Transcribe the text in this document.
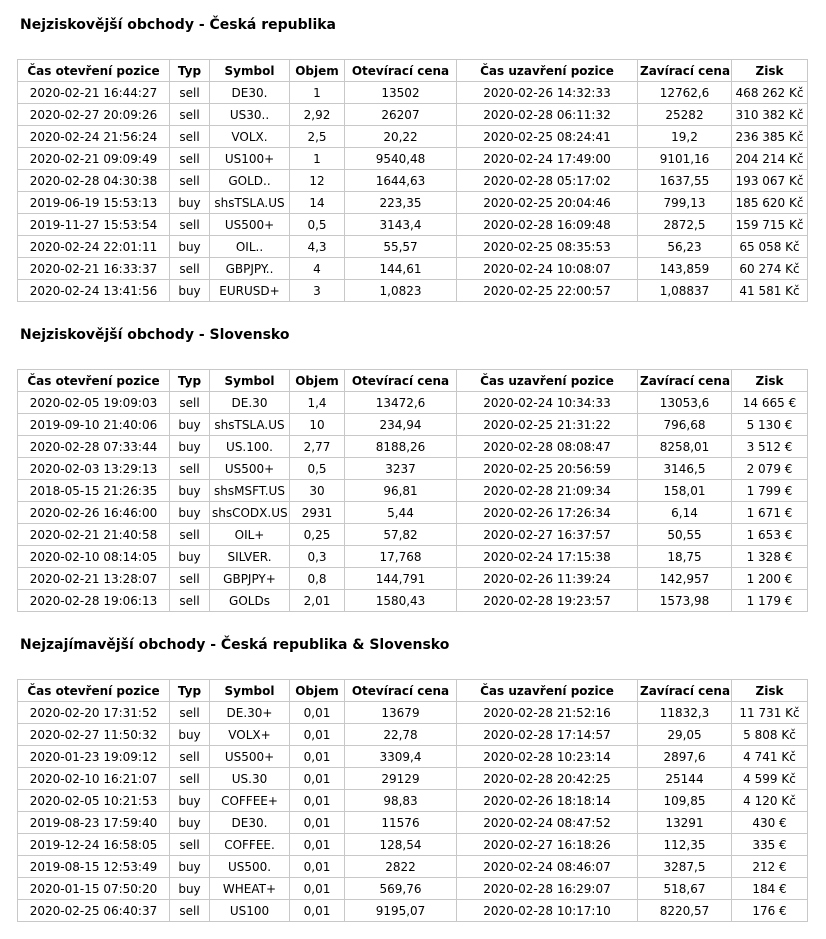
Nejziskovější obchody - Česká republika
Čas otevření pozice	Typ	Symbol	Objem	Otevírací cena	Čas uzavření pozice	Zavírací cena	Zisk
2020-02-21 16:44:27	sell	DE30.	1	13502	2020-02-26 14:32:33	12762,6	468 262 Kč
2020-02-27 20:09:26	sell	US30..	2,92	26207	2020-02-28 06:11:32	25282	310 382 Kč
2020-02-24 21:56:24	sell	VOLX.	2,5	20,22	2020-02-25 08:24:41	19,2	236 385 Kč
2020-02-21 09:09:49	sell	US100+	1	9540,48	2020-02-24 17:49:00	9101,16	204 214 Kč
2020-02-28 04:30:38	sell	GOLD..	12	1644,63	2020-02-28 05:17:02	1637,55	193 067 Kč
2019-06-19 15:53:13	buy	shsTSLA.US	14	223,35	2020-02-25 20:04:46	799,13	185 620 Kč
2019-11-27 15:53:54	sell	US500+	0,5	3143,4	2020-02-28 16:09:48	2872,5	159 715 Kč
2020-02-24 22:01:11	buy	OIL..	4,3	55,57	2020-02-25 08:35:53	56,23	65 058 Kč
2020-02-21 16:33:37	sell	GBPJPY..	4	144,61	2020-02-24 10:08:07	143,859	60 274 Kč
2020-02-24 13:41:56	buy	EURUSD+	3	1,0823	2020-02-25 22:00:57	1,08837	41 581 Kč
Nejziskovější obchody - Slovensko
Čas otevření pozice	Typ	Symbol	Objem	Otevírací cena	Čas uzavření pozice	Zavírací cena	Zisk
2020-02-05 19:09:03	sell	DE.30	1,4	13472,6	2020-02-24 10:34:33	13053,6	14 665 €
2019-09-10 21:40:06	buy	shsTSLA.US	10	234,94	2020-02-25 21:31:22	796,68	5 130 €
2020-02-28 07:33:44	buy	US.100.	2,77	8188,26	2020-02-28 08:08:47	8258,01	3 512 €
2020-02-03 13:29:13	sell	US500+	0,5	3237	2020-02-25 20:56:59	3146,5	2 079 €
2018-05-15 21:26:35	buy	shsMSFT.US	30	96,81	2020-02-28 21:09:34	158,01	1 799 €
2020-02-26 16:46:00	buy	shsCODX.US	2931	5,44	2020-02-26 17:26:34	6,14	1 671 €
2020-02-21 21:40:58	sell	OIL+	0,25	57,82	2020-02-27 16:37:57	50,55	1 653 €
2020-02-10 08:14:05	buy	SILVER.	0,3	17,768	2020-02-24 17:15:38	18,75	1 328 €
2020-02-21 13:28:07	sell	GBPJPY+	0,8	144,791	2020-02-26 11:39:24	142,957	1 200 €
2020-02-28 19:06:13	sell	GOLDs	2,01	1580,43	2020-02-28 19:23:57	1573,98	1 179 €
Nejzajímavější obchody - Česká republika & Slovensko
Čas otevření pozice	Typ	Symbol	Objem	Otevírací cena	Čas uzavření pozice	Zavírací cena	Zisk
2020-02-20 17:31:52	sell	DE.30+	0,01	13679	2020-02-28 21:52:16	11832,3	11 731 Kč
2020-02-27 11:50:32	buy	VOLX+	0,01	22,78	2020-02-28 17:14:57	29,05	5 808 Kč
2020-01-23 19:09:12	sell	US500+	0,01	3309,4	2020-02-28 10:23:14	2897,6	4 741 Kč
2020-02-10 16:21:07	sell	US.30	0,01	29129	2020-02-28 20:42:25	25144	4 599 Kč
2020-02-05 10:21:53	buy	COFFEE+	0,01	98,83	2020-02-26 18:18:14	109,85	4 120 Kč
2019-08-23 17:59:40	buy	DE30.	0,01	11576	2020-02-24 08:47:52	13291	430 €
2019-12-24 16:58:05	sell	COFFEE.	0,01	128,54	2020-02-27 16:18:26	112,35	335 €
2019-08-15 12:53:49	buy	US500.	0,01	2822	2020-02-24 08:46:07	3287,5	212 €
2020-01-15 07:50:20	buy	WHEAT+	0,01	569,76	2020-02-28 16:29:07	518,67	184 €
2020-02-25 06:40:37	sell	US100	0,01	9195,07	2020-02-28 10:17:10	8220,57	176 €
